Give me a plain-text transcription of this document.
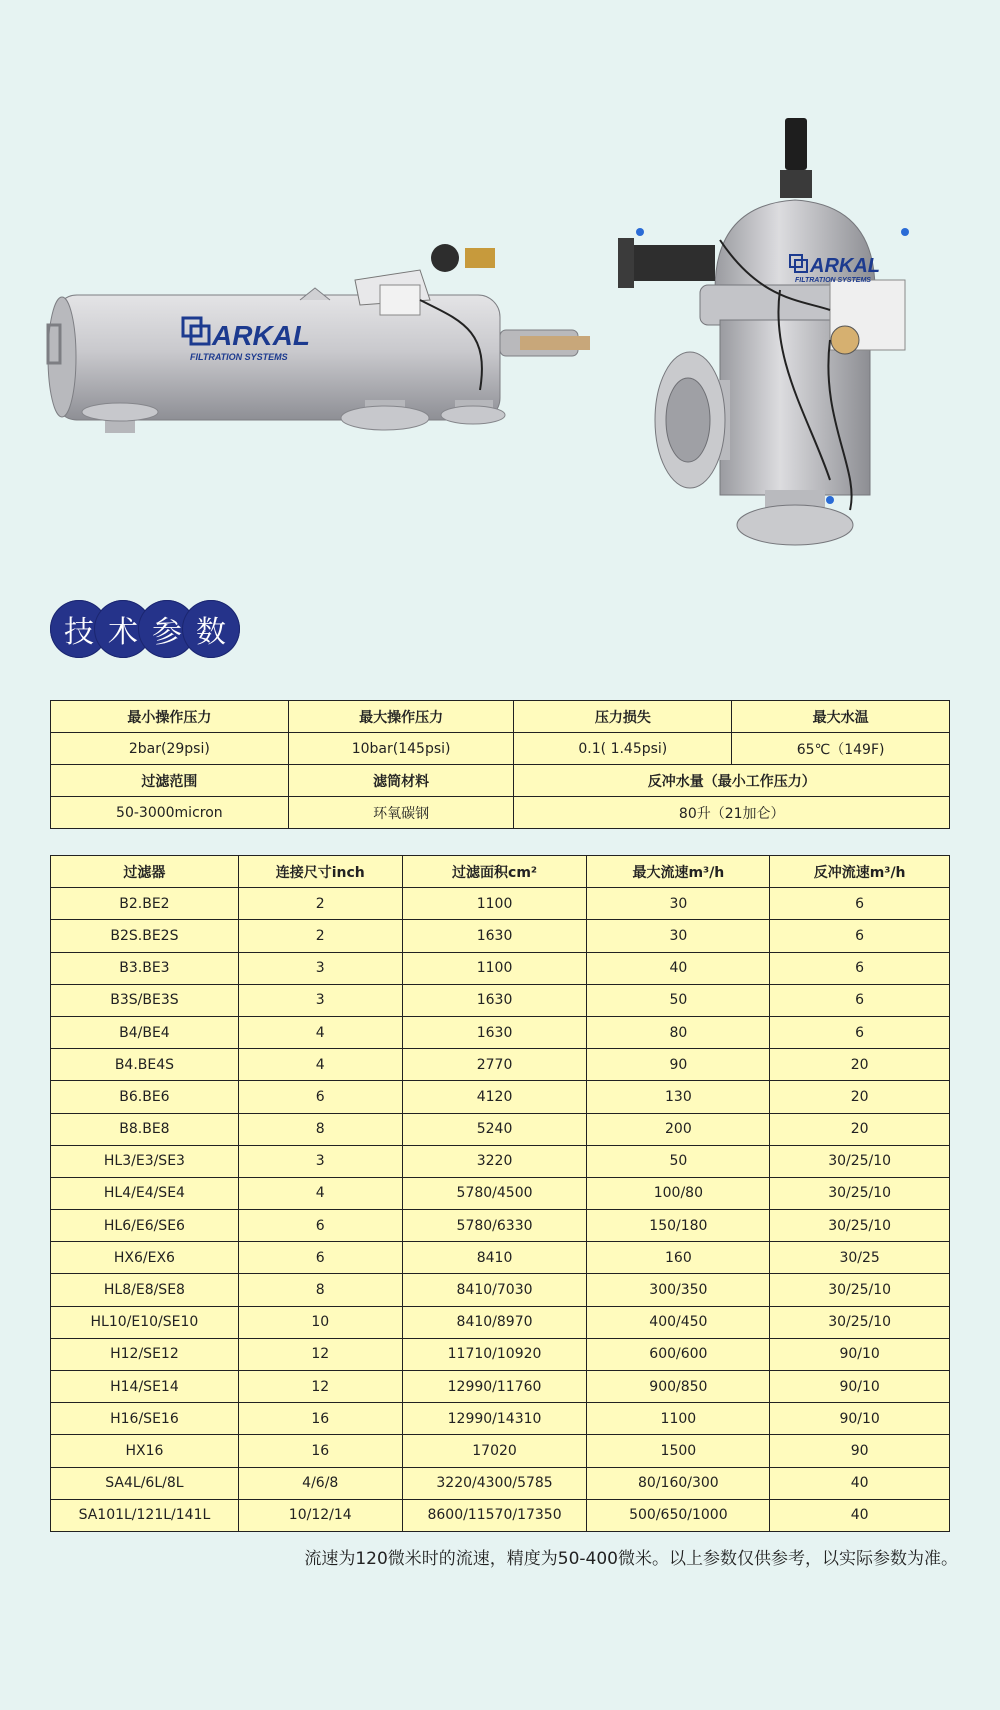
ARKAL
FILTRATION SYSTEMS
ARKAL
FILTRATION SYSTEMS
技 术 参 数
最小操作压力	最大操作压力	压力损失	最大水温
2bar(29psi)	10bar(145psi)	0.1( 1.45psi)	65℃（149F)
过滤范围	滤筒材料	反冲水量（最小工作压力）	
50-3000micron	环氧碳钢	80升（21加仑）	
过滤器	连接尺寸inch	过滤面积cm²	最大流速m³/h	反冲流速m³/h
B2.BE2	2	1100	30	6
B2S.BE2S	2	1630	30	6
B3.BE3	3	1100	40	6
B3S/BE3S	3	1630	50	6
B4/BE4	4	1630	80	6
B4.BE4S	4	2770	90	20
B6.BE6	6	4120	130	20
B8.BE8	8	5240	200	20
HL3/E3/SE3	3	3220	50	30/25/10
HL4/E4/SE4	4	5780/4500	100/80	30/25/10
HL6/E6/SE6	6	5780/6330	150/180	30/25/10
HX6/EX6	6	8410	160	30/25
HL8/E8/SE8	8	8410/7030	300/350	30/25/10
HL10/E10/SE10	10	8410/8970	400/450	30/25/10
H12/SE12	12	11710/10920	600/600	90/10
H14/SE14	12	12990/11760	900/850	90/10
H16/SE16	16	12990/14310	1100	90/10
HX16	16	17020	1500	90
SA4L/6L/8L	4/6/8	3220/4300/5785	80/160/300	40
SA101L/121L/141L	10/12/14	8600/11570/17350	500/650/1000	40
流速为120微米时的流速，精度为50-400微米。以上参数仅供参考，以实际参数为准。
